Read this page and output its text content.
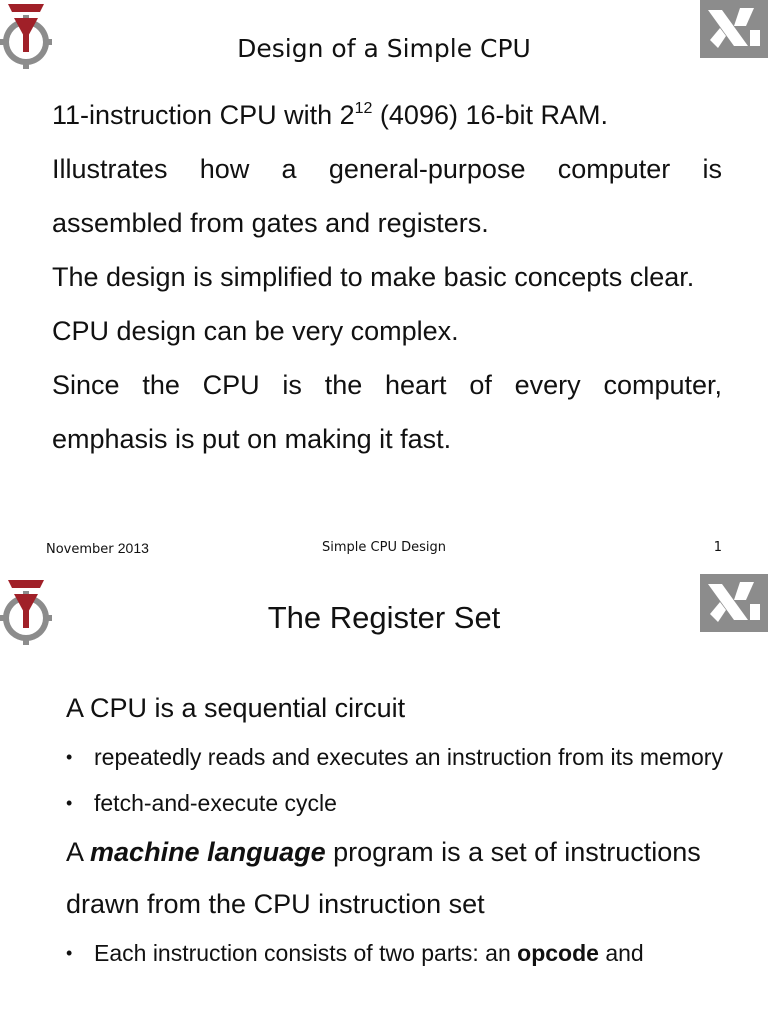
Design of a Simple CPU

11-instruction CPU with $2^{12}$ (4096) 16-bit RAM.

Illustrates how a general-purpose computer is assembled from gates and registers.

The design is simplified to make basic concepts clear.

CPU design can be very complex.

Since the CPU is the heart of every computer, emphasis is put on making it fast.

November 2013	Simple CPU Design	1
The Register Set

A CPU is a sequential circuit

• repeatedly reads and executes an instruction from its memory

• fetch-and-execute cycle

A machine language program is a set of instructions drawn from the CPU instruction set

• Each instruction consists of two parts: an opcode and
